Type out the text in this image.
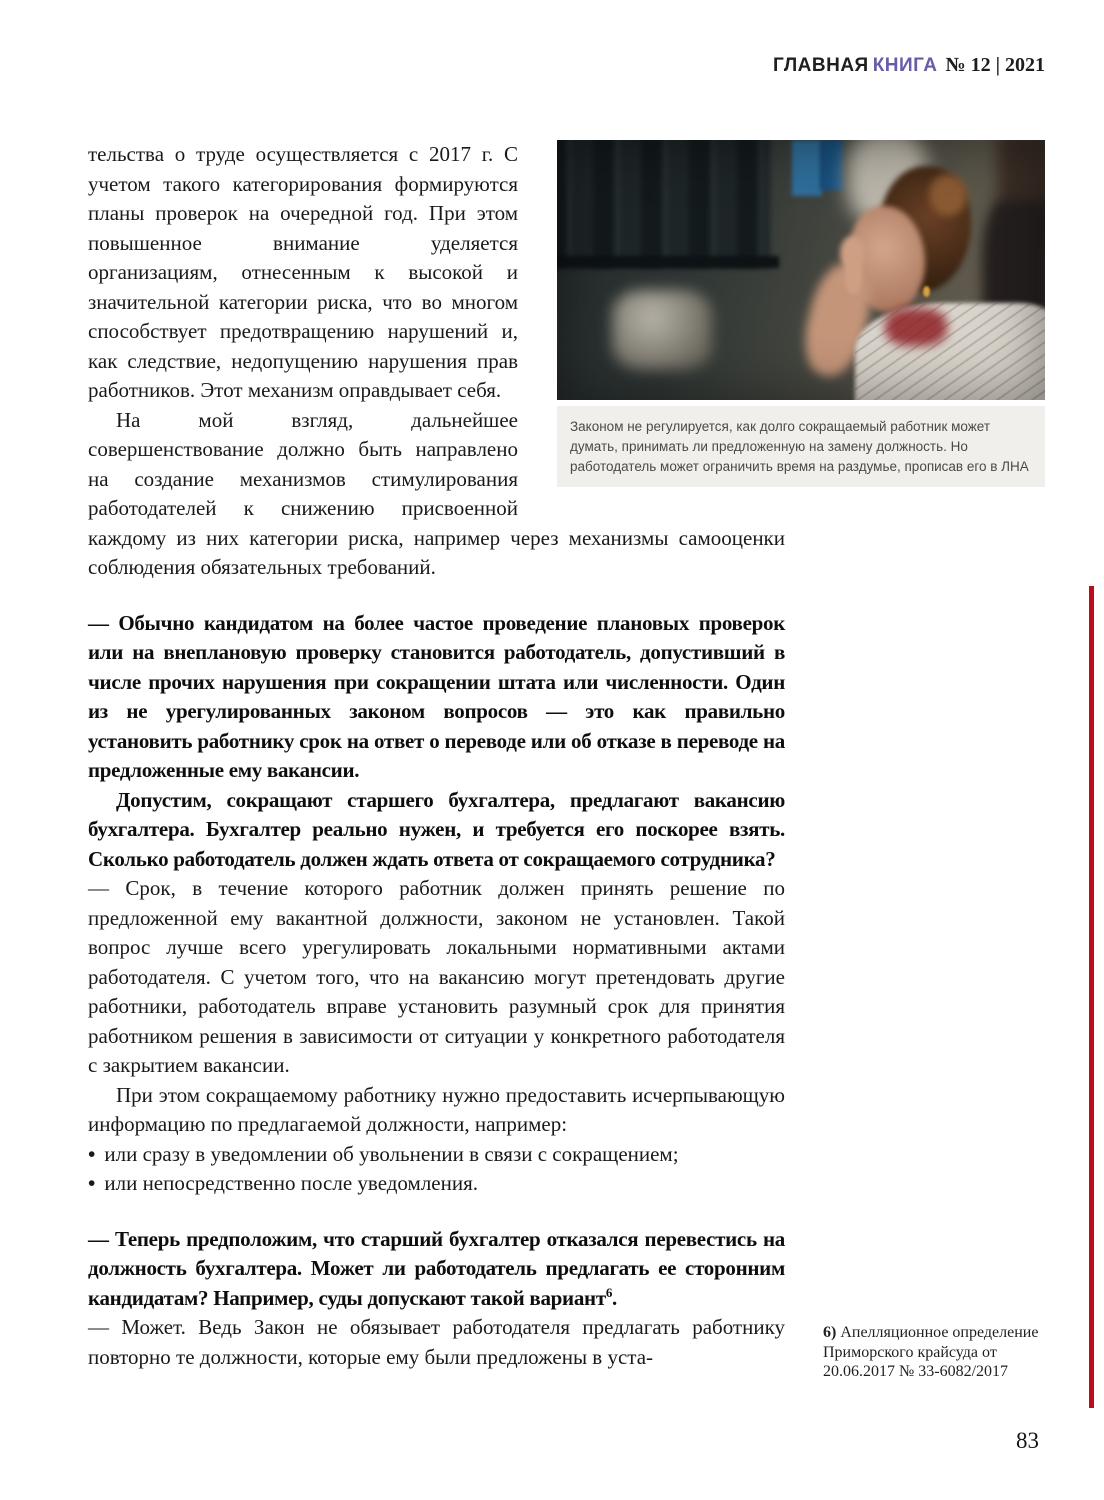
ГЛАВНАЯ КНИГА № 12 | 2021
Законом не регулируется, как долго сокращаемый работник может думать, принимать ли предложенную на замену должность. Но работодатель может ограничить время на раздумье, прописав его в ЛНА

тельства о труде осуществляется с 2017 г. С учетом такого категорирования формируются планы проверок на очередной год. При этом повышенное внимание уделяется организациям, отнесенным к высокой и значительной категории риска, что во многом способствует предотвращению нарушений и, как следствие, недопущению нарушения прав работников. Этот механизм оправдывает себя.

На мой взгляд, дальнейшее совершенствование должно быть направлено на создание механизмов стимулирования работодателей к снижению присвоенной каждому из них категории риска, например через механизмы самооценки соблюдения обязательных требований.

— Обычно кандидатом на более частое проведение плановых проверок или на внеплановую проверку становится работодатель, допустивший в числе прочих нарушения при сокращении штата или численности. Один из не урегулированных законом вопросов — это как правильно установить работнику срок на ответ о переводе или об отказе в переводе на предложенные ему вакансии.

Допустим, сокращают старшего бухгалтера, предлагают вакансию бухгалтера. Бухгалтер реально нужен, и требуется его поскорее взять. Сколько работодатель должен ждать ответа от сокращаемого сотрудника?

— Срок, в течение которого работник должен принять решение по предложенной ему вакантной должности, законом не установлен. Такой вопрос лучше всего урегулировать локальными нормативными актами работодателя. С учетом того, что на вакансию могут претендовать другие работники, работодатель вправе установить разумный срок для принятия работником решения в зависимости от ситуации у конкретного работодателя с закрытием вакансии.

При этом сокращаемому работнику нужно предоставить исчерпывающую информацию по предлагаемой должности, например:

• или сразу в уведомлении об увольнении в связи с сокращением;

• или непосредственно после уведомления.

— Теперь предположим, что старший бухгалтер отказался перевестись на должность бухгалтера. Может ли работодатель предлагать ее сторонним кандидатам? Например, суды допускают такой вариант$^6$.

— Может. Ведь Закон не обязывает работодателя предлагать работнику повторно те должности, которые ему были предложены в уста-

6) Апелляционное определение Приморского крайсуда от 20.06.2017 № 33-6082/2017
83
